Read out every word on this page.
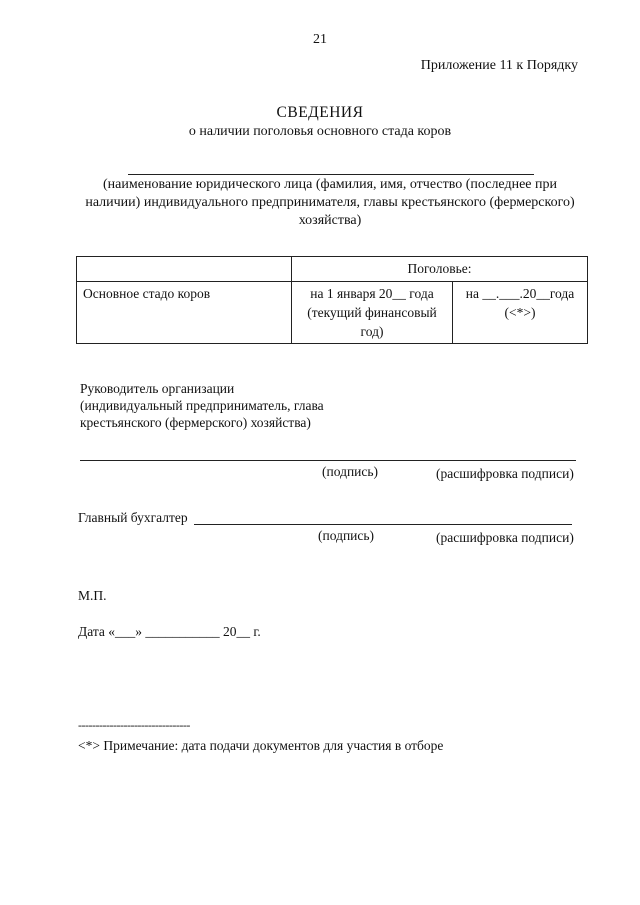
21
Приложение 11 к Порядку
СВЕДЕНИЯ
о наличии поголовья основного стада коров
(наименование юридического лица (фамилия, имя, отчество (последнее при наличии) индивидуального предпринимателя, главы крестьянского (фермерского) хозяйства)
	Поголовье:	
Основное стадо коров	на 1 января 20__ года (текущий финансовый год)	на __.___.20__года
(<*>)
Руководитель организации (индивидуальный предприниматель, глава крестьянского (фермерского) хозяйства)
(подпись)	(расшифровка подписи)
Главный бухгалтер
(подпись)	(расшифровка подписи)
М.П.
Дата «___» ___________ 20__ г.
--------------------------------
<*> Примечание: дата подачи документов для участия в отборе
